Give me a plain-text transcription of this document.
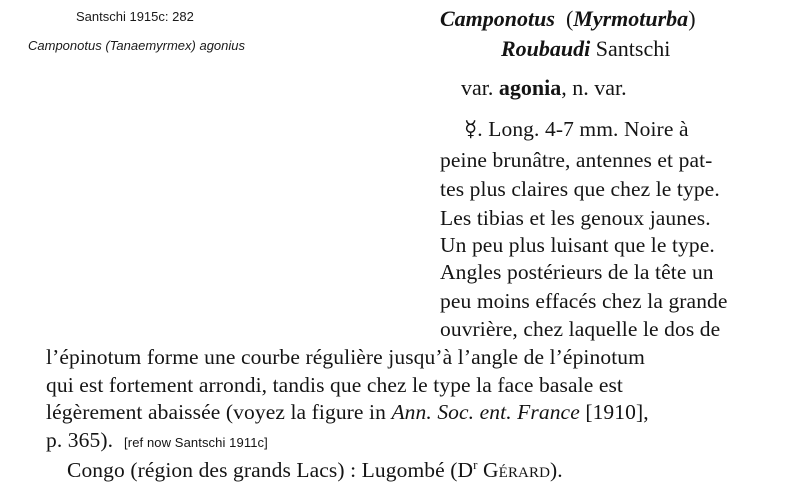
Santschi 1915c: 282
Camponotus (Tanaemyrmex) agonius
Camponotus (Myrmoturba)
Roubaudi Santschi
var. agonia, n. var.
☿. Long. 4-7 mm. Noire à
peine brunâtre, antennes et pat-
tes plus claires que chez le type.
Les tibias et les genoux jaunes.
Un peu plus luisant que le type.
Angles postérieurs de la tête un
peu moins effacés chez la grande
ouvrière, chez laquelle le dos de
l’épinotum forme une courbe régulière jusqu’à l’angle de l’épinotum
qui est fortement arrondi, tandis que chez le type la face basale est
légèrement abaissée (voyez la figure in Ann. Soc. ent. France [1910],
p. 365). [ref now Santschi 1911c]
Congo (région des grands Lacs) : Lugombé ($D^r$ Gérard).
